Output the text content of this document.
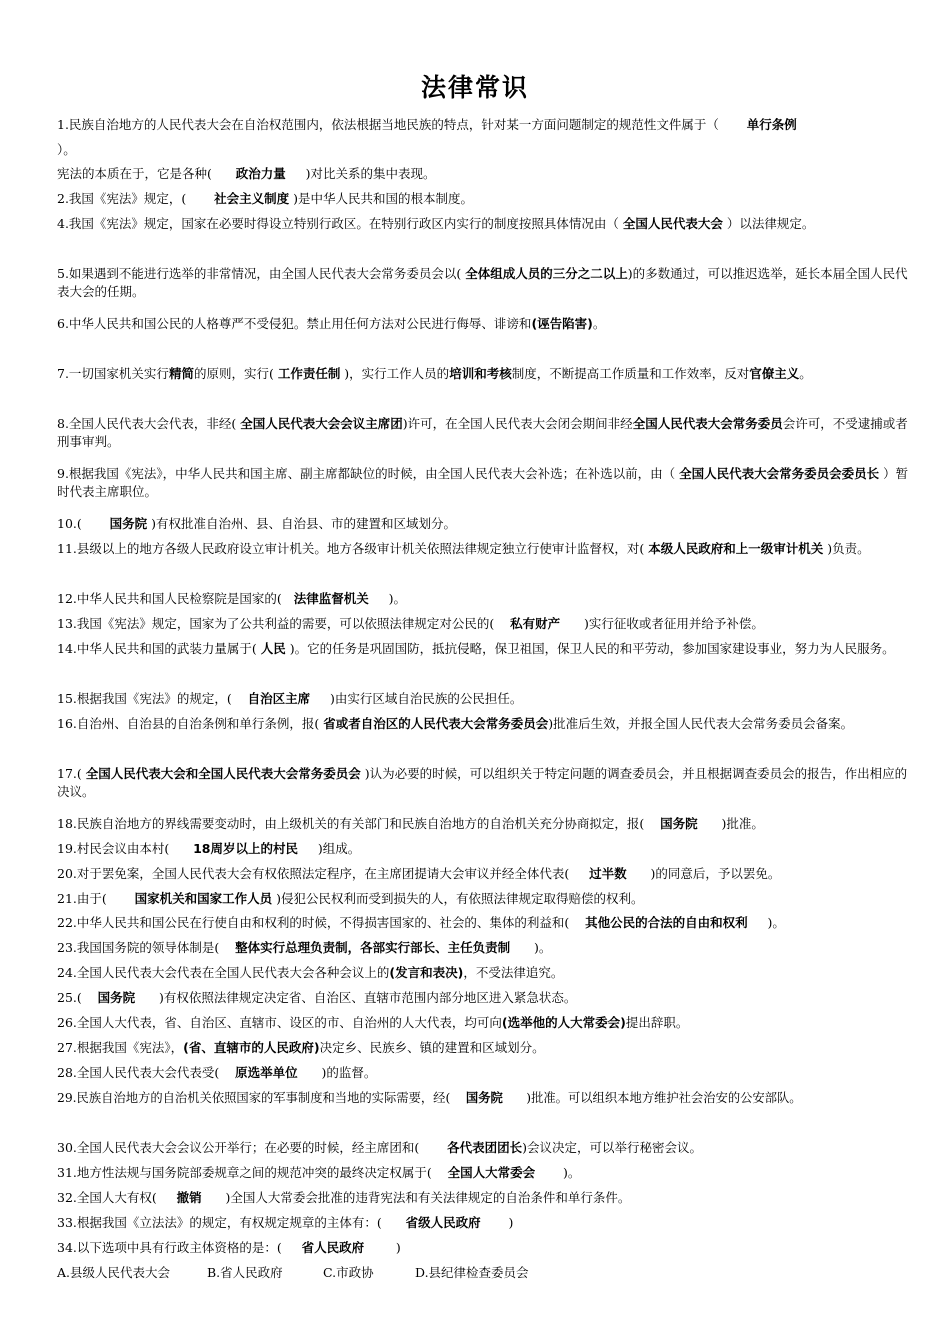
法律常识
1.民族自治地方的人民代表大会在自治权范围内，依法根据当地民族的特点，针对某一方面问题制定的规范性文件属于（       单行条例
）。
宪法的本质在于，它是各种(      政治力量     )对比关系的集中表现。
2.我国《宪法》规定，(       社会主义制度 )是中华人民共和国的根本制度。
4.我国《宪法》规定，国家在必要时得设立特别行政区。在特别行政区内实行的制度按照具体情况由（ 全国人民代表大会 ）以法律规定。
5.如果遇到不能进行选举的非常情况，由全国人民代表大会常务委员会以( 全体组成人员的三分之二以上)的多数通过，可以推迟选举，延长本届全国人民代表大会的任期。
6.中华人民共和国公民的人格尊严不受侵犯。禁止用任何方法对公民进行侮辱、诽谤和(诬告陷害)。
7.一切国家机关实行精简的原则，实行( 工作责任制 )，实行工作人员的培训和考核制度，不断提高工作质量和工作效率，反对官僚主义。
8.全国人民代表大会代表，非经( 全国人民代表大会会议主席团)许可，在全国人民代表大会闭会期间非经全国人民代表大会常务委员会许可，不受逮捕或者刑事审判。
9.根据我国《宪法》，中华人民共和国主席、副主席都缺位的时候，由全国人民代表大会补选；在补选以前，由（ 全国人民代表大会常务委员会委员长 ）暂时代表主席职位。
10.(       国务院 )有权批准自治州、县、自治县、市的建置和区域划分。
11.县级以上的地方各级人民政府设立审计机关。地方各级审计机关依照法律规定独立行使审计监督权，对( 本级人民政府和上一级审计机关 )负责。
12.中华人民共和国人民检察院是国家的(   法律监督机关     )。
13.我国《宪法》规定，国家为了公共利益的需要，可以依照法律规定对公民的(    私有财产      )实行征收或者征用并给予补偿。
14.中华人民共和国的武装力量属于( 人民 )。它的任务是巩固国防，抵抗侵略，保卫祖国，保卫人民的和平劳动，参加国家建设事业，努力为人民服务。
15.根据我国《宪法》的规定，(    自治区主席     )由实行区域自治民族的公民担任。
16.自治州、自治县的自治条例和单行条例，报( 省或者自治区的人民代表大会常务委员会)批准后生效，并报全国人民代表大会常务委员会备案。
17.( 全国人民代表大会和全国人民代表大会常务委员会 )认为必要的时候，可以组织关于特定问题的调查委员会，并且根据调查委员会的报告，作出相应的决议。
18.民族自治地方的界线需要变动时，由上级机关的有关部门和民族自治地方的自治机关充分协商拟定，报(    国务院      )批准。
19.村民会议由本村(      18周岁以上的村民     )组成。
20.对于罢免案，全国人民代表大会有权依照法定程序，在主席团提请大会审议并经全体代表(     过半数      )的同意后，予以罢免。
21.由于(       国家机关和国家工作人员 )侵犯公民权利而受到损失的人，有依照法律规定取得赔偿的权利。
22.中华人民共和国公民在行使自由和权利的时候，不得损害国家的、社会的、集体的利益和(    其他公民的合法的自由和权利     )。
23.我国国务院的领导体制是(    整体实行总理负责制，各部实行部长、主任负责制      )。
24.全国人民代表大会代表在全国人民代表大会各种会议上的(发言和表决)，不受法律追究。
25.(    国务院      )有权依照法律规定决定省、自治区、直辖市范围内部分地区进入紧急状态。
26.全国人大代表，省、自治区、直辖市、设区的市、自治州的人大代表，均可向(选举他的人大常委会)提出辞职。
27.根据我国《宪法》，(省、直辖市的人民政府)决定乡、民族乡、镇的建置和区域划分。
28.全国人民代表大会代表受(    原选举单位      )的监督。
29.民族自治地方的自治机关依照国家的军事制度和当地的实际需要，经(    国务院      )批准。可以组织本地方维护社会治安的公安部队。
30.全国人民代表大会会议公开举行；在必要的时候，经主席团和(       各代表团团长)会议决定，可以举行秘密会议。
31.地方性法规与国务院部委规章之间的规范冲突的最终决定权属于(    全国人大常委会       )。
32.全国人大有权(     撤销      )全国人大常委会批准的违背宪法和有关法律规定的自治条件和单行条件。
33.根据我国《立法法》的规定，有权规定规章的主体有：(      省级人民政府       )
34.以下选项中具有行政主体资格的是：(     省人民政府        )
A.县级人民代表大会	B.省人民政府	C.市政协	D.县纪律检查委员会
